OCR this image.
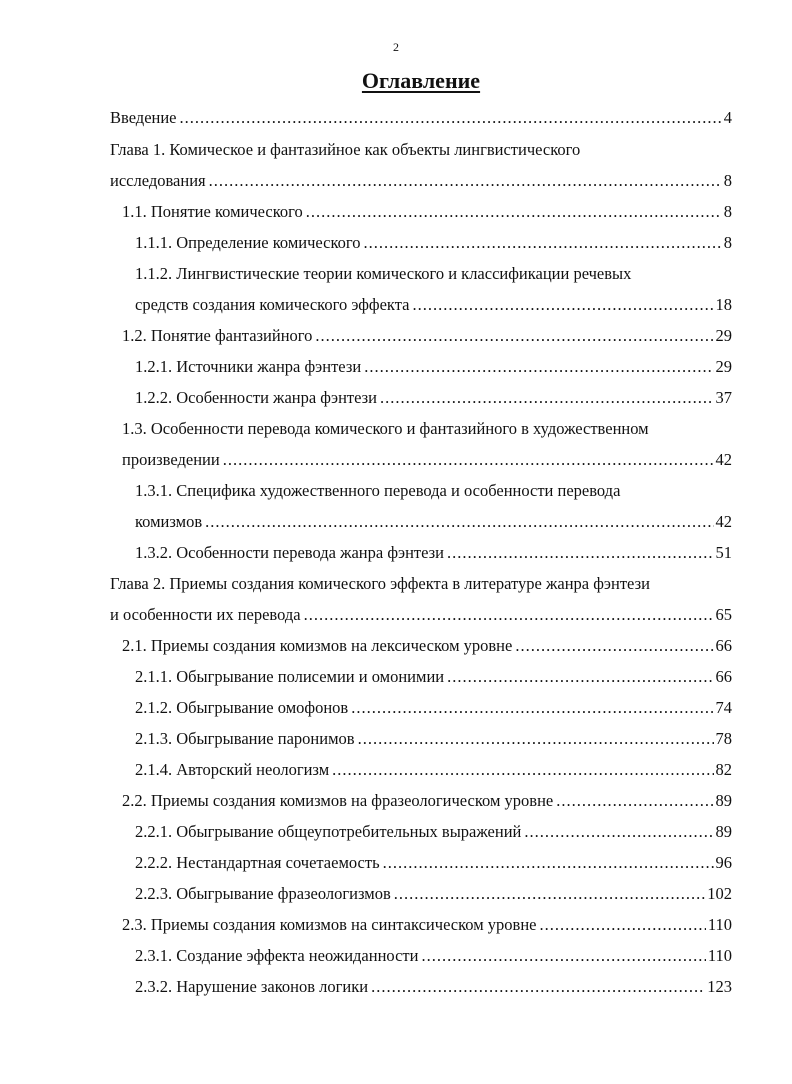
2
Оглавление
Введение .....	4
Глава 1. Комическое и фантазийное как объекты лингвистического
исследования .....	8
1.1. Понятие комического .....	8
1.1.1. Определение комического .....	8
1.1.2. Лингвистические теории комического и классификации речевых
средств создания комического эффекта .....	18
1.2. Понятие фантазийного .....	29
1.2.1. Источники жанра фэнтези .....	29
1.2.2. Особенности жанра фэнтези .....	37
1.3. Особенности перевода комического и фантазийного в художественном
произведении .....	42
1.3.1. Специфика художественного перевода и особенности перевода
комизмов .....	42
1.3.2. Особенности перевода жанра фэнтези .....	51
Глава 2. Приемы создания комического эффекта в литературе жанра фэнтези
и особенности их перевода .....	65
2.1. Приемы создания комизмов на лексическом уровне .....	66
2.1.1. Обыгрывание полисемии и омонимии .....	66
2.1.2. Обыгрывание омофонов .....	74
2.1.3. Обыгрывание паронимов .....	78
2.1.4. Авторский неологизм .....	82
2.2. Приемы создания комизмов на фразеологическом уровне .....	89
2.2.1. Обыгрывание общеупотребительных выражений .....	89
2.2.2. Нестандартная сочетаемость .....	96
2.2.3. Обыгрывание фразеологизмов .....	102
2.3. Приемы создания комизмов на синтаксическом уровне .....	110
2.3.1. Создание эффекта неожиданности .....	110
2.3.2. Нарушение законов логики .....	123
